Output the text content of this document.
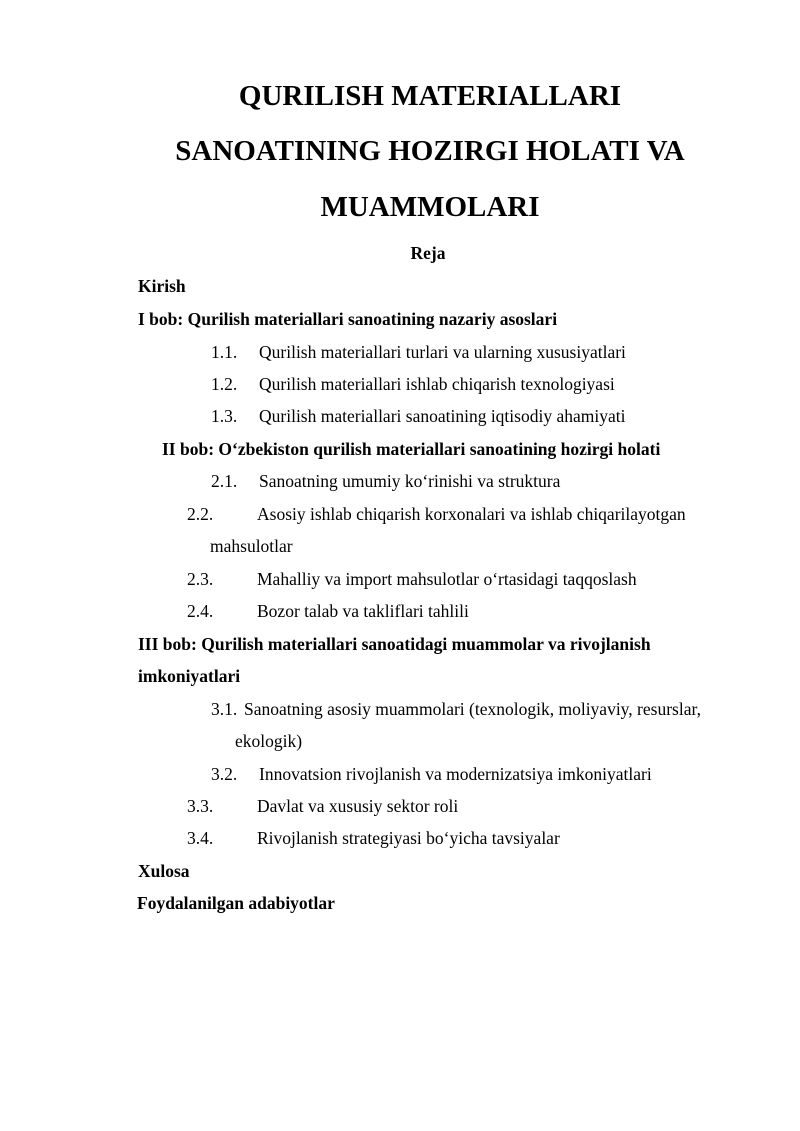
QURILISH MATERIALLARI
SANOATINING HOZIRGI HOLATI VA
MUAMMOLARI
Reja
Kirish
I bob: Qurilish materiallari sanoatining nazariy asoslari
1.1. Qurilish materiallari turlari va ularning xususiyatlari
1.2. Qurilish materiallari ishlab chiqarish texnologiyasi
1.3. Qurilish materiallari sanoatining iqtisodiy ahamiyati
II bob: O‘zbekiston qurilish materiallari sanoatining hozirgi holati
2.1. Sanoatning umumiy ko‘rinishi va struktura
2.2.	Asosiy ishlab chiqarish korxonalari va ishlab chiqarilayotgan
mahsulotlar
2.3.	Mahalliy va import mahsulotlar o‘rtasidagi taqqoslash
2.4.	Bozor talab va takliflari tahlili
III bob: Qurilish materiallari sanoatidagi muammolar va rivojlanish
imkoniyatlari
3.1. Sanoatning asosiy muammolari (texnologik, moliyaviy, resurslar,
ekologik)
3.2. Innovatsion rivojlanish va modernizatsiya imkoniyatlari
3.3.	Davlat va xususiy sektor roli
3.4.	Rivojlanish strategiyasi bo‘yicha tavsiyalar
Xulosa
Foydalanilgan adabiyotlar
